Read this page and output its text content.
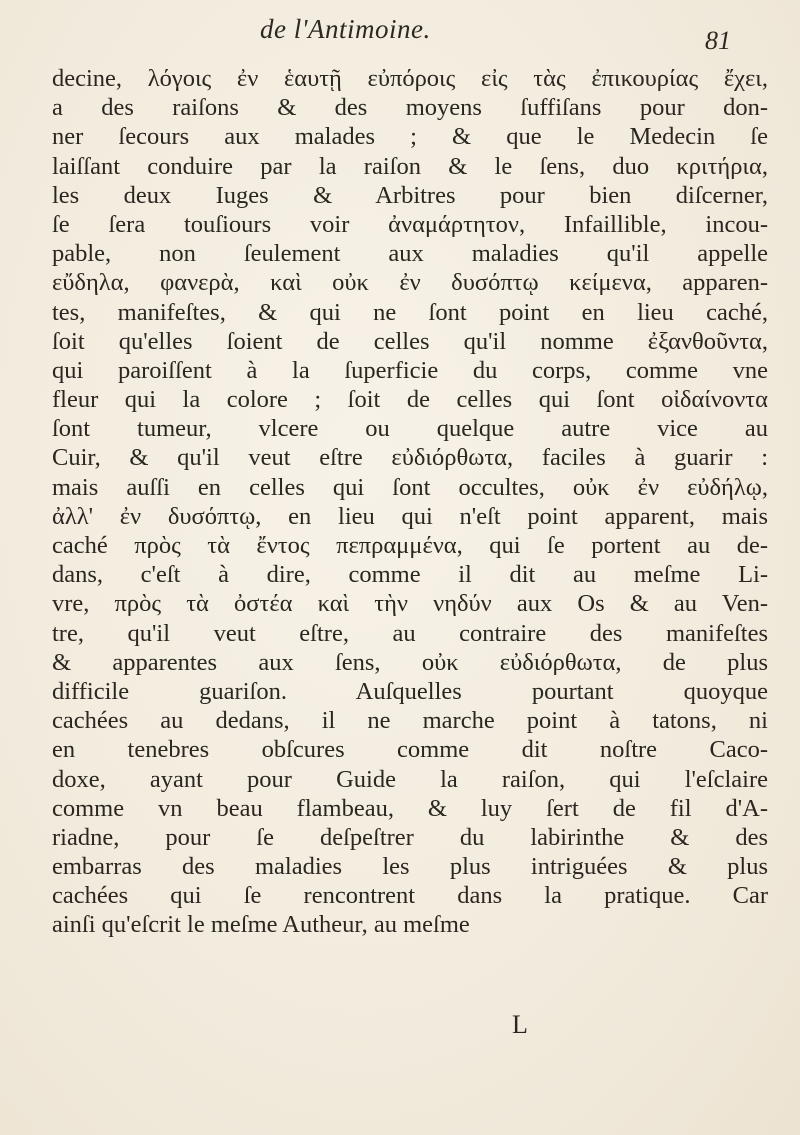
de l'Antimoine.	81
decine, λόγοις ἐν ἑαυτῇ εὐπόροις εἰς τὰς ἐπικουρίας ἔχει,
a des raiſons & des moyens ſuffiſans pour don-
ner ſecours aux malades ; & que le Medecin ſe
laiſſant conduire par la raiſon & le ſens, duo κριτήρια,
les deux Iuges & Arbitres pour bien diſcerner,
ſe ſera touſiours voir ἀναμάρτητον, Infaillible, incou-
pable, non ſeulement aux maladies qu'il appelle
εὔδηλα, φανερὰ, καὶ οὐκ ἐν δυσόπτῳ κείμενα, apparen-
tes, manifeſtes, & qui ne ſont point en lieu caché,
ſoit qu'elles ſoient de celles qu'il nomme ἐξανθοῦντα,
qui paroiſſent à la ſuperficie du corps, comme vne
fleur qui la colore ; ſoit de celles qui ſont οἰδαίνοντα
ſont tumeur, vlcere ou quelque autre vice au
Cuir, & qu'il veut eſtre εὐδιόρθωτα, faciles à guarir :
mais auſſi en celles qui ſont occultes, οὐκ ἐν εὐδήλῳ,
ἀλλ' ἐν δυσόπτῳ, en lieu qui n'eſt point apparent, mais
caché πρὸς τὰ ἔντος πεπραμμένα, qui ſe portent au de-
dans, c'eſt à dire, comme il dit au meſme Li-
vre, πρὸς τὰ ὀστέα καὶ τὴν νηδύν aux Os & au Ven-
tre, qu'il veut eſtre, au contraire des manifeſtes
& apparentes aux ſens, οὐκ εὐδιόρθωτα, de plus
difficile guariſon. Auſquelles pourtant quoyque
cachées au dedans, il ne marche point à tatons, ni
en tenebres obſcures comme dit noſtre Caco-
doxe, ayant pour Guide la raiſon, qui l'eſclaire
comme vn beau flambeau, & luy ſert de fil d'A-
riadne, pour ſe deſpeſtrer du labirinthe & des
embarras des maladies les plus intriguées & plus
cachées qui ſe rencontrent dans la pratique. Car
ainſi qu'eſcrit le meſme Autheur, au meſme
L
